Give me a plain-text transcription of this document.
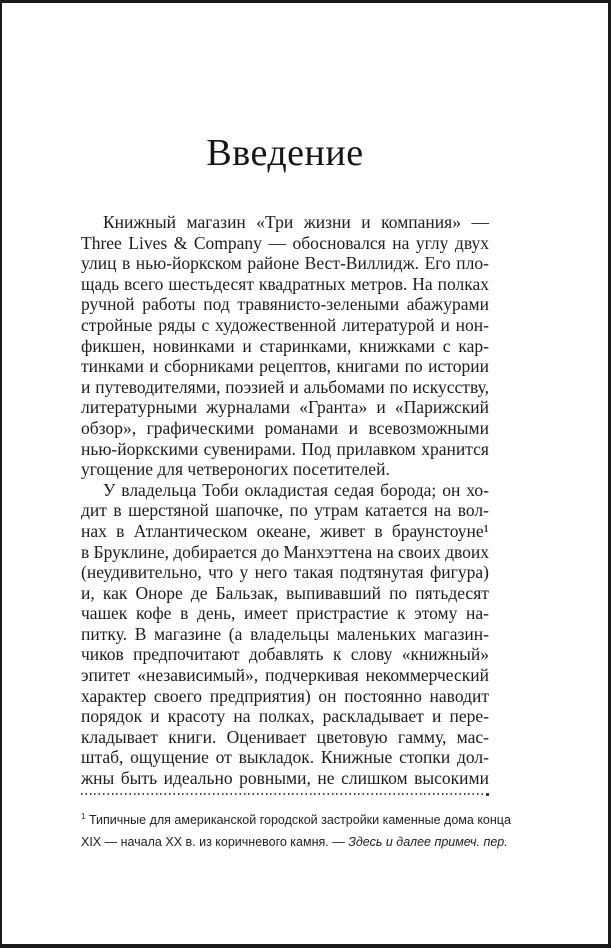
Введение
Книжный магазин «Три жизни и компания» —
Three Lives & Company — обосновался на углу двух
улиц в нью-йоркском районе Вест-Виллидж. Его пло-
щадь всего шестьдесят квадратных метров. На полках
ручной работы под травянисто-зелеными абажурами
стройные ряды с художественной литературой и нон-
фикшен, новинками и старинками, книжками с кар-
тинками и сборниками рецептов, книгами по истории
и путеводителями, поэзией и альбомами по искусству,
литературными журналами «Гранта» и «Парижский
обзор», графическими романами и всевозможными
нью-йоркскими сувенирами. Под прилавком хранится
угощение для четвероногих посетителей.
У владельца Тоби окладистая седая борода; он хо-
дит в шерстяной шапочке, по утрам катается на вол-
нах в Атлантическом океане, живет в браунстоуне¹
в Бруклине, добирается до Манхэттена на своих двоих
(неудивительно, что у него такая подтянутая фигура)
и, как Оноре де Бальзак, выпивавший по пятьдесят
чашек кофе в день, имеет пристрастие к этому на-
питку. В магазине (а владельцы маленьких магазин-
чиков предпочитают добавлять к слову «книжный»
эпитет «независимый», подчеркивая некоммерческий
характер своего предприятия) он постоянно наводит
порядок и красоту на полках, раскладывает и пере-
кладывает книги. Оценивает цветовую гамму, мас-
штаб, ощущение от выкладок. Книжные стопки дол-
жны быть идеально ровными, не слишком высокими
$^1$ Типичные для американской городской застройки каменные дома конца
XIX — начала XX в. из коричневого камня. — Здесь и далее примеч. пер.
